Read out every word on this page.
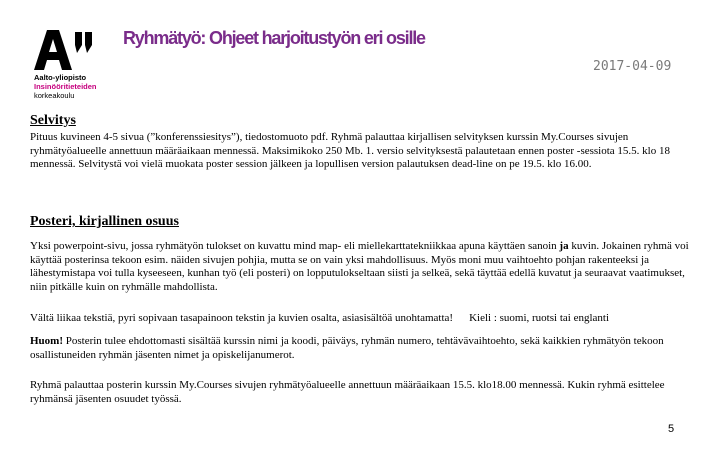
Aalto-yliopisto
Insinööritieteiden
korkeakoulu
Ryhmätyö: Ohjeet harjoitustyön eri osille
2017-04-09
Selvitys
Pituus kuvineen 4-5 sivua (”konferenssiesitys”), tiedostomuoto pdf. Ryhmä palauttaa kirjallisen selvityksen kurssin My.Courses sivujen ryhmätyöalueelle annettuun määräaikaan mennessä. Maksimikoko 250 Mb. 1. versio selvityksestä palautetaan ennen poster -sessiota 15.5. klo 18 mennessä. Selvitystä voi vielä muokata poster session jälkeen ja lopullisen version palautuksen dead-line on pe 19.5. klo 16.00.
Posteri, kirjallinen osuus
Yksi powerpoint-sivu, jossa ryhmätyön tulokset on kuvattu mind map- eli miellekarttatekniikkaa apuna käyttäen sanoin ja kuvin. Jokainen ryhmä voi käyttää posterinsa tekoon esim. näiden sivujen pohjia, mutta se on vain yksi mahdollisuus. Myös moni muu vaihtoehto pohjan rakenteeksi ja lähestymistapa voi tulla kyseeseen, kunhan työ (eli posteri) on lopputulokseltaan siisti ja selkeä, sekä täyttää edellä kuvatut ja seuraavat vaatimukset, niin pitkälle kuin on ryhmälle mahdollista.
Vältä liikaa tekstiä, pyri sopivaan tasapainoon tekstin ja kuvien osalta, asiasisältöä unohtamatta! Kieli : suomi, ruotsi tai englanti
Huom! Posterin tulee ehdottomasti sisältää kurssin nimi ja koodi, päiväys, ryhmän numero, tehtävävaihtoehto, sekä kaikkien ryhmätyön tekoon osallistuneiden ryhmän jäsenten nimet ja opiskelijanumerot.
Ryhmä palauttaa posterin kurssin My.Courses sivujen ryhmätyöalueelle annettuun määräaikaan 15.5. klo18.00 mennessä. Kukin ryhmä esittelee ryhmänsä jäsenten osuudet työssä.
5
